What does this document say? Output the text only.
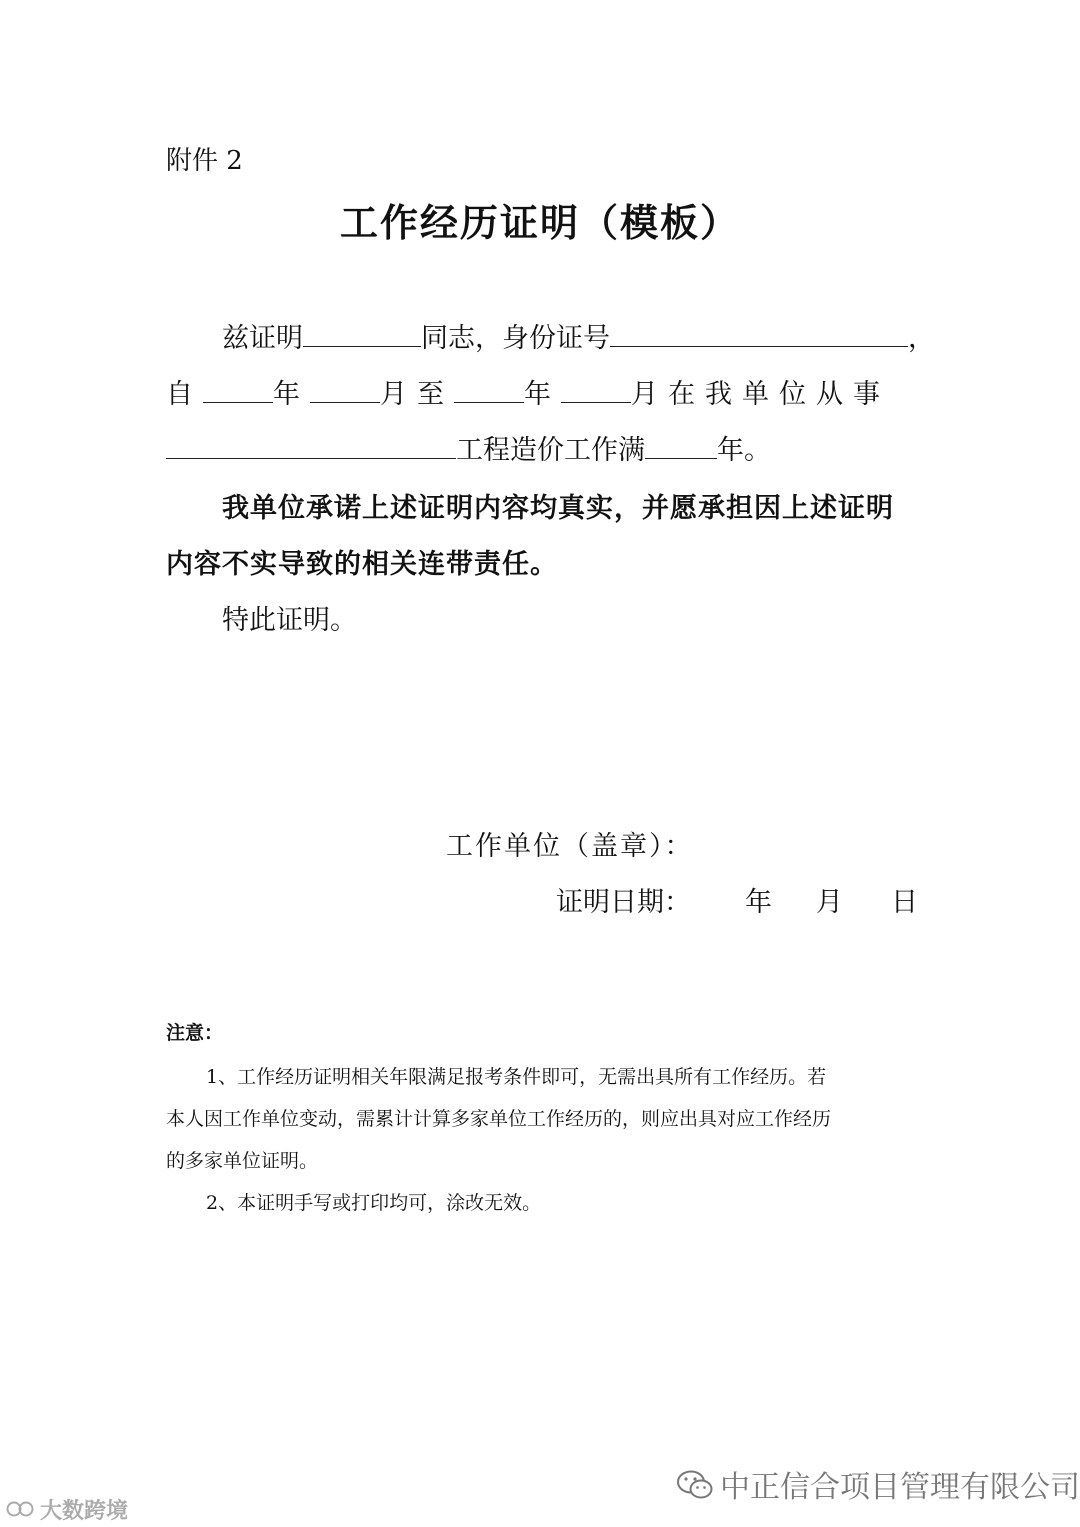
附件 2
工作经历证明（模板）
兹证明	同志，身份证号	，
自	年	月至	年	月在我单位从事
工程造价工作满	年。
我单位承诺上述证明内容均真实，并愿承担因上述证明
内容不实导致的相关连带责任。
特此证明。
工作单位（盖章）：
证明日期： 年 月 日
注意：
1、工作经历证明相关年限满足报考条件即可，无需出具所有工作经历。若
本人因工作单位变动，需累计计算多家单位工作经历的，则应出具对应工作经历
的多家单位证明。
2、本证明手写或打印均可，涂改无效。
中正信合项目管理有限公司
大数跨境
